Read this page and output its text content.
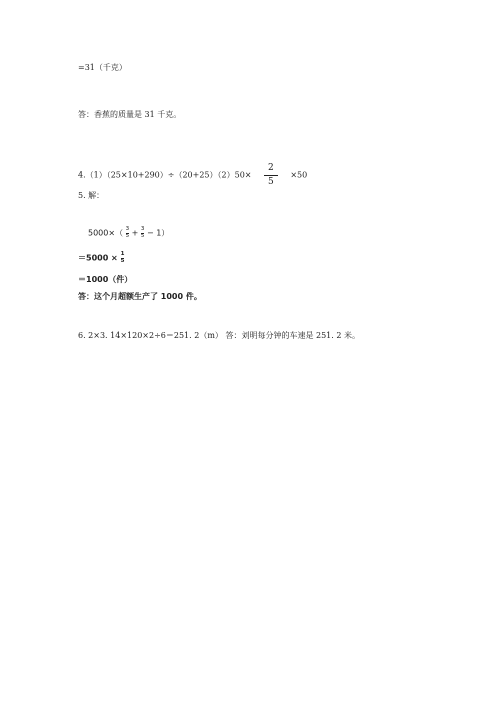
=31（千克）
答：香蕉的质量是 31 千克。
$4.(1)(25\times 10+290)\div(20+25)(2)50\times \frac{2}{5} \times 50$
5. 解：
$5000\times( \frac{3}{5} + \frac{3}{5} - 1)$
$=5000 \times \frac{1}{5}$
＝1000（件）
答：这个月超额生产了 1000 件。
6. 2×3. 14×120×2÷6＝251. 2（m） 答：刘明每分钟的车速是 251. 2 米。
